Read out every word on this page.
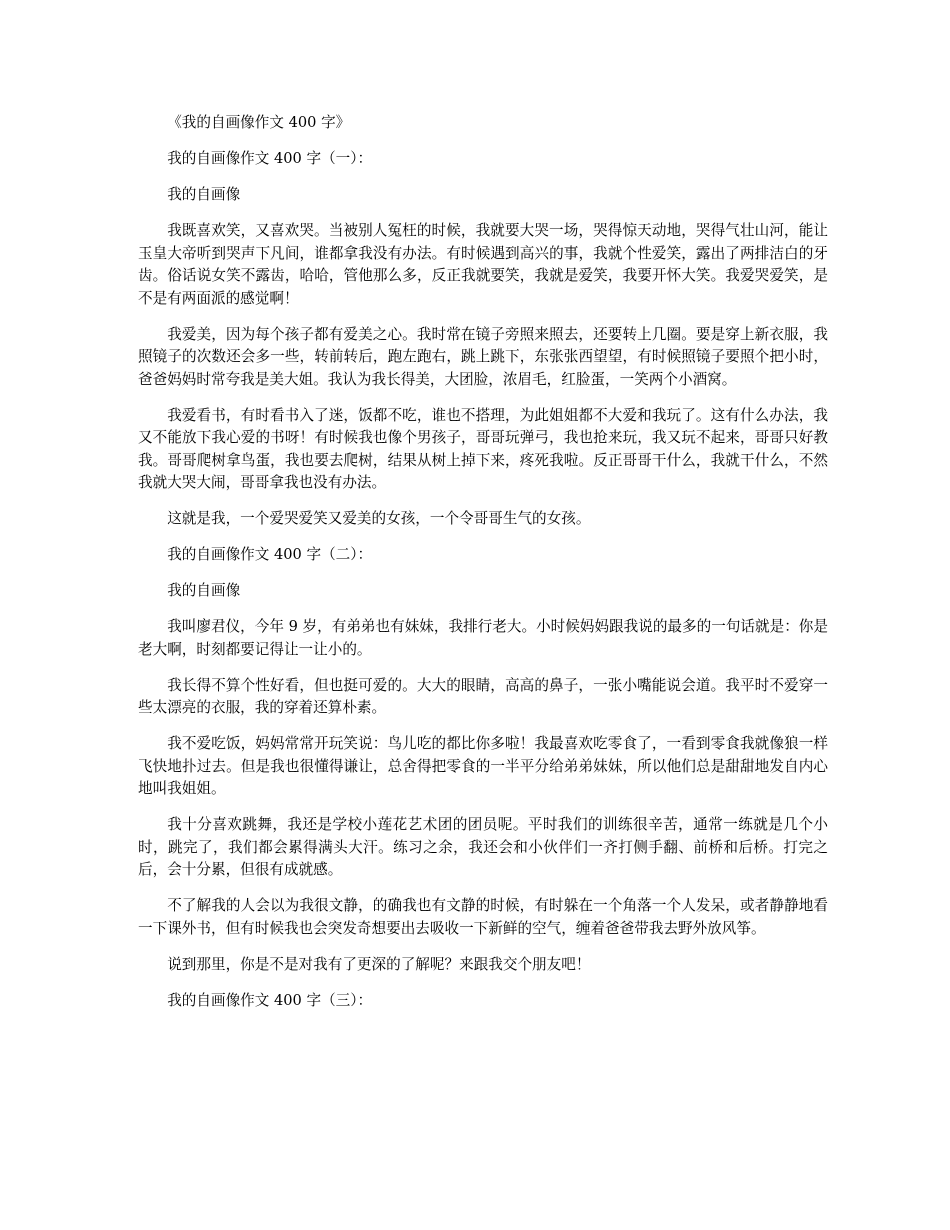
《我的自画像作文 400 字》

我的自画像作文 400 字（一）：

我的自画像

我既喜欢笑，又喜欢哭。当被别人冤枉的时候，我就要大哭一场，哭得惊天动地，哭得气壮山河，能让玉皇大帝听到哭声下凡间，谁都拿我没有办法。有时候遇到高兴的事，我就个性爱笑，露出了两排洁白的牙齿。俗话说女笑不露齿，哈哈，管他那么多，反正我就要笑，我就是爱笑，我要开怀大笑。我爱哭爱笑，是不是有两面派的感觉啊！

我爱美，因为每个孩子都有爱美之心。我时常在镜子旁照来照去，还要转上几圈。要是穿上新衣服，我照镜子的次数还会多一些，转前转后，跑左跑右，跳上跳下，东张张西望望，有时候照镜子要照个把小时，爸爸妈妈时常夸我是美大姐。我认为我长得美，大团脸，浓眉毛，红脸蛋，一笑两个小酒窝。

我爱看书，有时看书入了迷，饭都不吃，谁也不搭理，为此姐姐都不大爱和我玩了。这有什么办法，我又不能放下我心爱的书呀！有时候我也像个男孩子，哥哥玩弹弓，我也抢来玩，我又玩不起来，哥哥只好教我。哥哥爬树拿鸟蛋，我也要去爬树，结果从树上掉下来，疼死我啦。反正哥哥干什么，我就干什么，不然我就大哭大闹，哥哥拿我也没有办法。

这就是我，一个爱哭爱笑又爱美的女孩，一个令哥哥生气的女孩。

我的自画像作文 400 字（二）：

我的自画像

我叫廖君仪，今年 9 岁，有弟弟也有妹妹，我排行老大。小时候妈妈跟我说的最多的一句话就是：你是老大啊，时刻都要记得让一让小的。

我长得不算个性好看，但也挺可爱的。大大的眼睛，高高的鼻子，一张小嘴能说会道。我平时不爱穿一些太漂亮的衣服，我的穿着还算朴素。

我不爱吃饭，妈妈常常开玩笑说：鸟儿吃的都比你多啦！我最喜欢吃零食了，一看到零食我就像狼一样飞快地扑过去。但是我也很懂得谦让，总舍得把零食的一半平分给弟弟妹妹，所以他们总是甜甜地发自内心地叫我姐姐。

我十分喜欢跳舞，我还是学校小莲花艺术团的团员呢。平时我们的训练很辛苦，通常一练就是几个小时，跳完了，我们都会累得满头大汗。练习之余，我还会和小伙伴们一齐打侧手翻、前桥和后桥。打完之后，会十分累，但很有成就感。

不了解我的人会以为我很文静，的确我也有文静的时候，有时躲在一个角落一个人发呆，或者静静地看一下课外书，但有时候我也会突发奇想要出去吸收一下新鲜的空气，缠着爸爸带我去野外放风筝。

说到那里，你是不是对我有了更深的了解呢？来跟我交个朋友吧！

我的自画像作文 400 字（三）：
